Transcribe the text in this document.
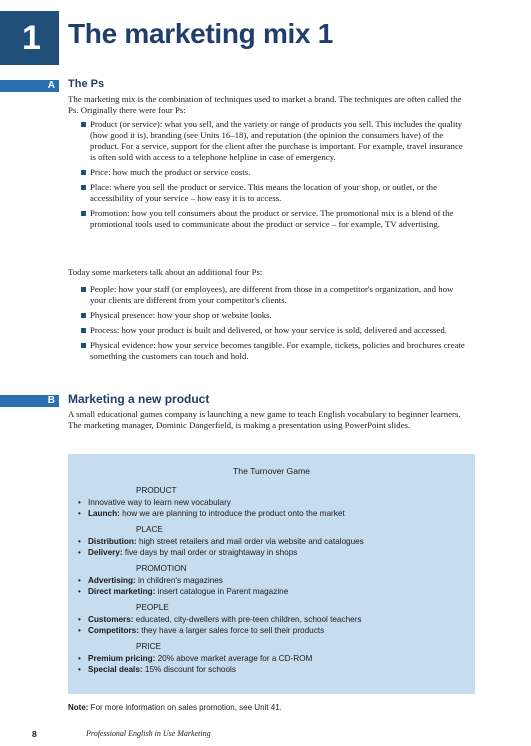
1 The marketing mix 1
A	The Ps

The marketing mix is the combination of techniques used to market a brand. The techniques are often called the Ps. Originally there were four Ps:

Product (or service): what you sell, and the variety or range of products you sell. This includes the quality (how good it is), branding (see Units 16–18), and reputation (the opinion the consumers have) of the product. For a service, support for the client after the purchase is important. For example, travel insurance is often sold with access to a telephone helpline in case of emergency.
Price: how much the product or service costs.
Place: where you sell the product or service. This means the location of your shop, or outlet, or the accessibility of your service – how easy it is to access.
Promotion: how you tell consumers about the product or service. The promotional mix is a blend of the promotional tools used to communicate about the product or service – for example, TV advertising.

Today some marketers talk about an additional four Ps:

People: how your staff (or employees), are different from those in a competitor's organization, and how your clients are different from your competitor's clients.
Physical presence: how your shop or website looks.
Process: how your product is built and delivered, or how your service is sold, delivered and accessed.
Physical evidence: how your service becomes tangible. For example, tickets, policies and brochures create something the customers can touch and hold.
B	Marketing a new product

A small educational games company is launching a new game to teach English vocabulary to beginner learners. The marketing manager, Dominic Dangerfield, is making a presentation using PowerPoint slides.

The Turnover Game

PRODUCT

• Innovative way to learn new vocabulary
• Launch: how we are planning to introduce the product onto the market

PLACE

• Distribution: high street retailers and mail order via website and catalogues
• Delivery: five days by mail order or straightaway in shops

PROMOTION

• Advertising: in children's magazines
• Direct marketing: insert catalogue in Parent magazine

PEOPLE

• Customers: educated, city-dwellers with pre-teen children, school teachers
• Competitors: they have a larger sales force to sell their products

PRICE

• Premium pricing: 20% above market average for a CD-ROM
• Special deals: 15% discount for schools

Note: For more information on sales promotion, see Unit 41.

8	Professional English in Use Marketing
